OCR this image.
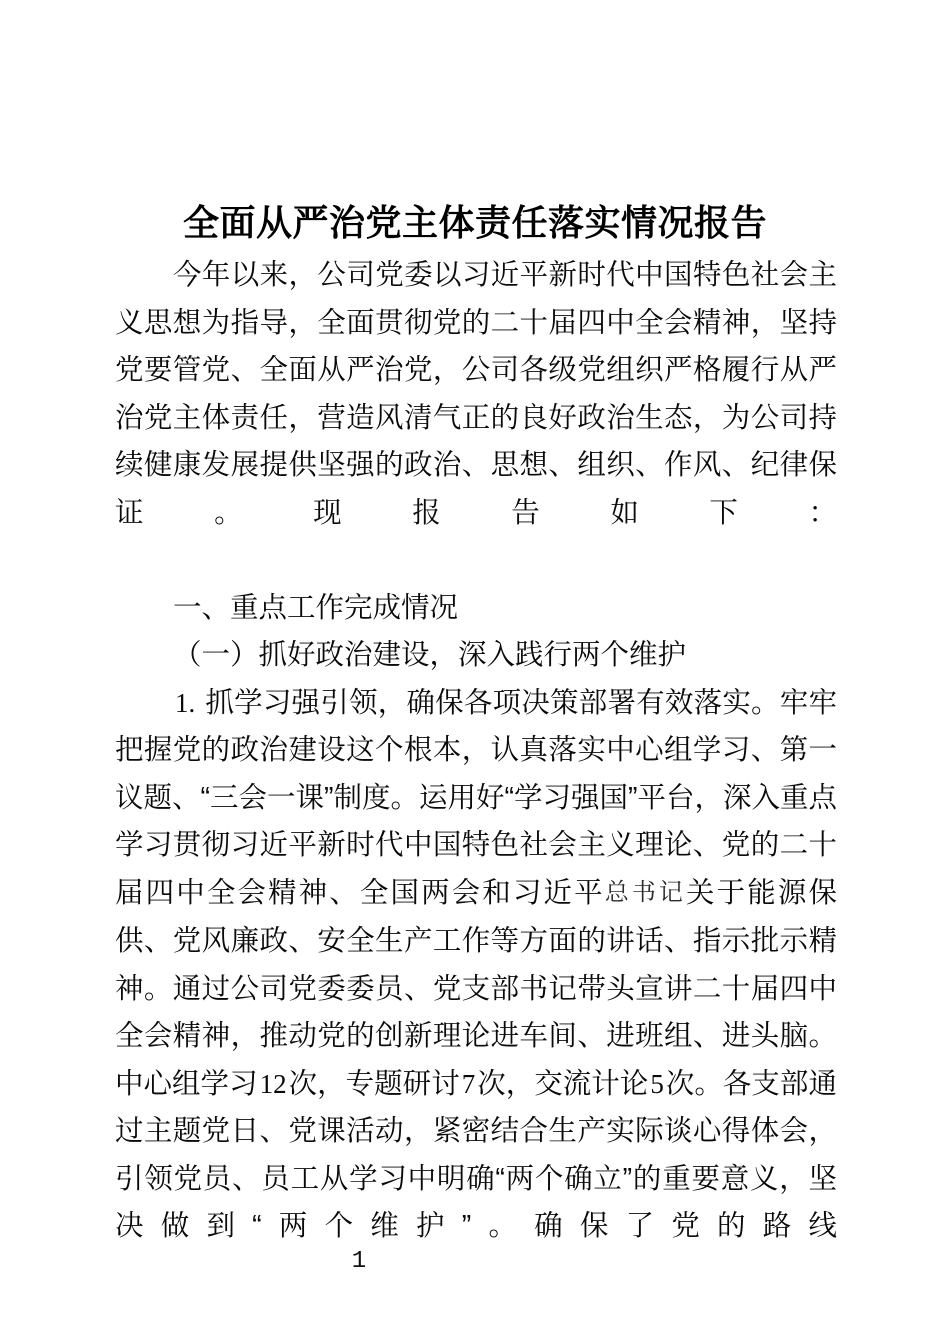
全面从严治党主体责任落实情况报告

今年以来，公司党委以习近平新时代中国特色社会主义思想为指导，全面贯彻党的二十届四中全会精神，坚持党要管党、全面从严治党，公司各级党组织严格履行从严治党主体责任，营造风清气正的良好政治生态，为公司持续健康发展提供坚强的政治、思想、组织、作风、纪律保证。现报告如下：

一、重点工作完成情况

（一）抓好政治建设，深入践行两个维护

1. 抓学习强引领，确保各项决策部署有效落实。牢牢把握党的政治建设这个根本，认真落实中心组学习、第一议题、“三会一课”制度。运用好“学习强国”平台，深入重点学习贯彻习近平新时代中国特色社会主义理论、党的二十届四中全会精神、全国两会和习近平总书记关于能源保供、党风廉政、安全生产工作等方面的讲话、指示批示精神。通过公司党委委员、党支部书记带头宣讲二十届四中全会精神，推动党的创新理论进车间、进班组、进头脑。中心组学习12次，专题研讨7次，交流计论5次。各支部通过主题党日、党课活动，紧密结合生产实际谈心得体会，引领党员、员工从学习中明确“两个确立”的重要意义，坚决做到“两个维护”。确保了党的路线

1
